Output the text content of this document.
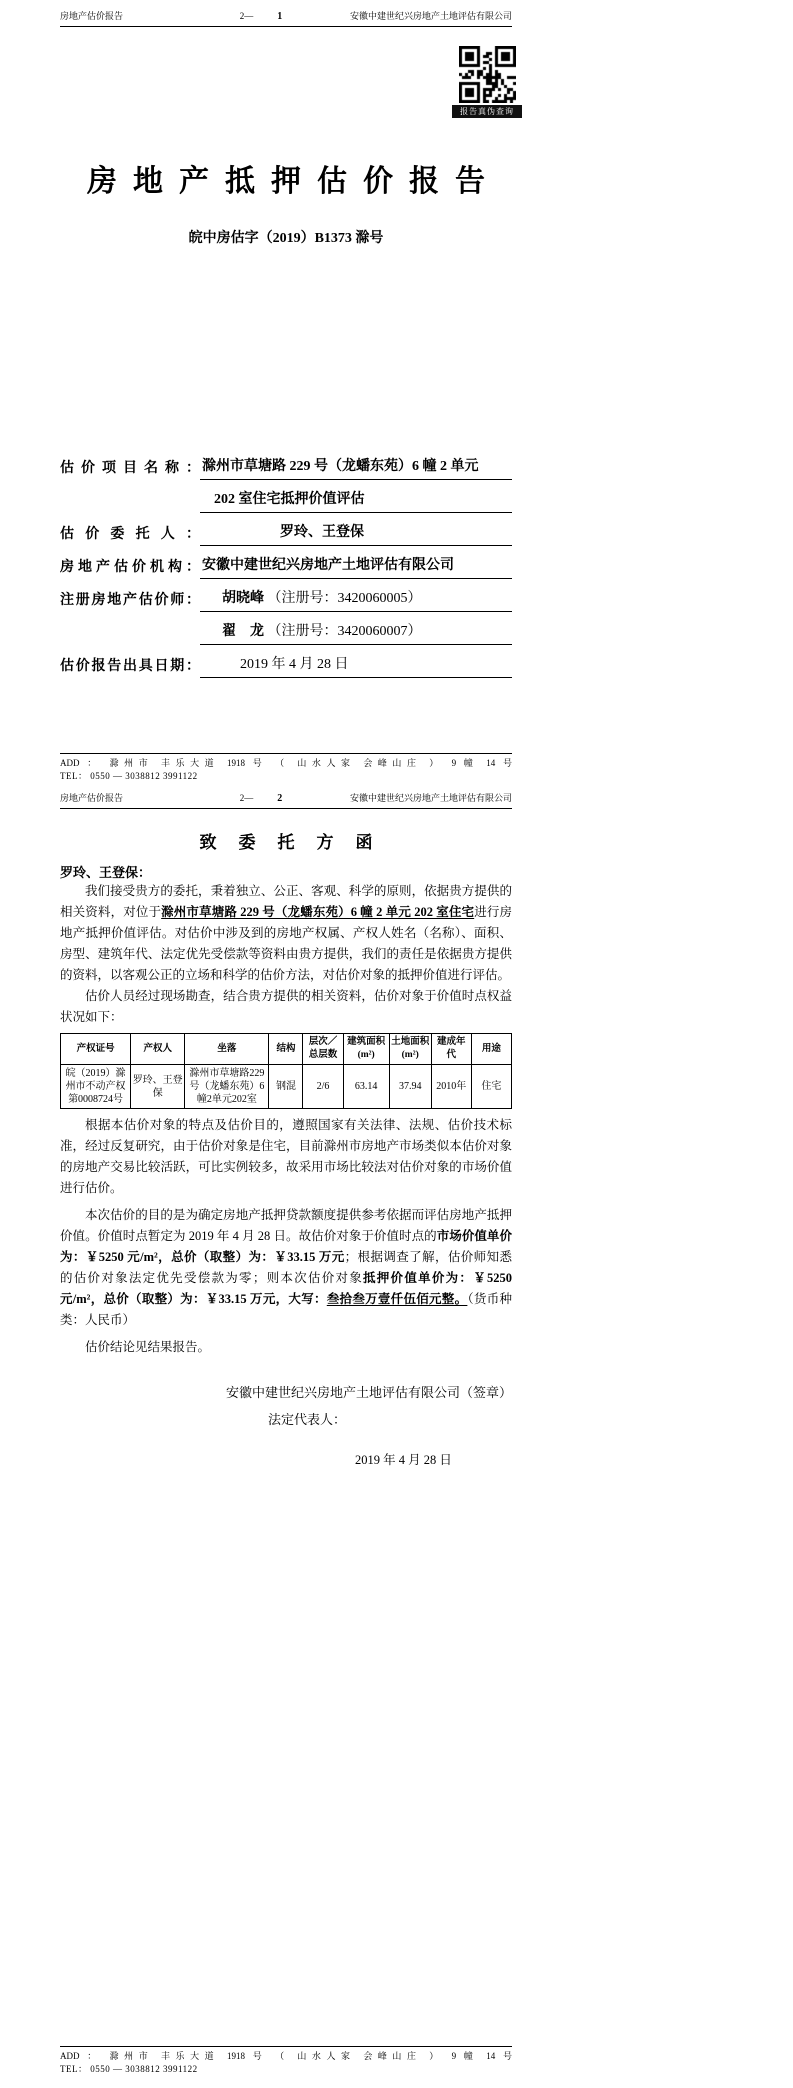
房地产估价报告	2— 1	安徽中建世纪兴房地产土地评估有限公司
报告真伪查询
房地产抵押估价报告
皖中房估字（2019）B1373 滁号
估价项目名称： 滁州市草塘路 229 号（龙蟠东苑）6 幢 2 单元
202 室住宅抵押价值评估
估价委托人：	罗玲、王登保
房地产估价机构： 安徽中建世纪兴房地产土地评估有限公司
注册房地产估价师：	胡晓峰 （注册号：3420060005）
翟　龙 （注册号：3420060007）
估价报告出具日期：	2019 年 4 月 28 日
ADD ： 滁州市 丰乐大道 1918 号 （ 山水人家 会峰山庄 ） 9 幢 14 号
TEL： 0550 — 3038812 3991122
房地产估价报告	2— 2	安徽中建世纪兴房地产土地评估有限公司
致委托方函
罗玲、王登保：

我们接受贵方的委托，秉着独立、公正、客观、科学的原则，依据贵方提供的相关资料，对位于滁州市草塘路 229 号（龙蟠东苑）6 幢 2 单元 202 室住宅进行房地产抵押价值评估。对估价中涉及到的房地产权属、产权人姓名（名称）、面积、房型、建筑年代、法定优先受偿款等资料由贵方提供，我们的责任是依据贵方提供的资料，以客观公正的立场和科学的估价方法，对估价对象的抵押价值进行评估。

估价人员经过现场勘查，结合贵方提供的相关资料，估价对象于价值时点权益状况如下：

产权证号	产权人	坐落	结构	层次／总层数	建筑面积(m²)	土地面积(m²)	建成年代	用途
皖（2019）滁州市不动产权第0008724号	罗玲、王登保	滁州市草塘路229号（龙蟠东苑）6幢2单元202室	钢混	2/6	63.14	37.94	2010年	住宅

根据本估价对象的特点及估价目的，遵照国家有关法律、法规、估价技术标准，经过反复研究，由于估价对象是住宅，目前滁州市房地产市场类似本估价对象的房地产交易比较活跃，可比实例较多，故采用市场比较法对估价对象的市场价值进行估价。

本次估价的目的是为确定房地产抵押贷款额度提供参考依据而评估房地产抵押价值。价值时点暂定为 2019 年 4 月 28 日。故估价对象于价值时点的市场价值单价为：￥5250 元/m²，总价（取整）为：￥33.15 万元；根据调查了解，估价师知悉的估价对象法定优先受偿款为零；则本次估价对象抵押价值单价为：￥5250 元/m²，总价（取整）为：￥33.15 万元，大写：叁拾叁万壹仟伍佰元整。（货币种类：人民币）

估价结论见结果报告。

安徽中建世纪兴房地产土地评估有限公司（签章）
法定代表人：
2019 年 4 月 28 日
ADD ： 滁州市 丰乐大道 1918 号 （ 山水人家 会峰山庄 ） 9 幢 14 号
TEL： 0550 — 3038812 3991122
